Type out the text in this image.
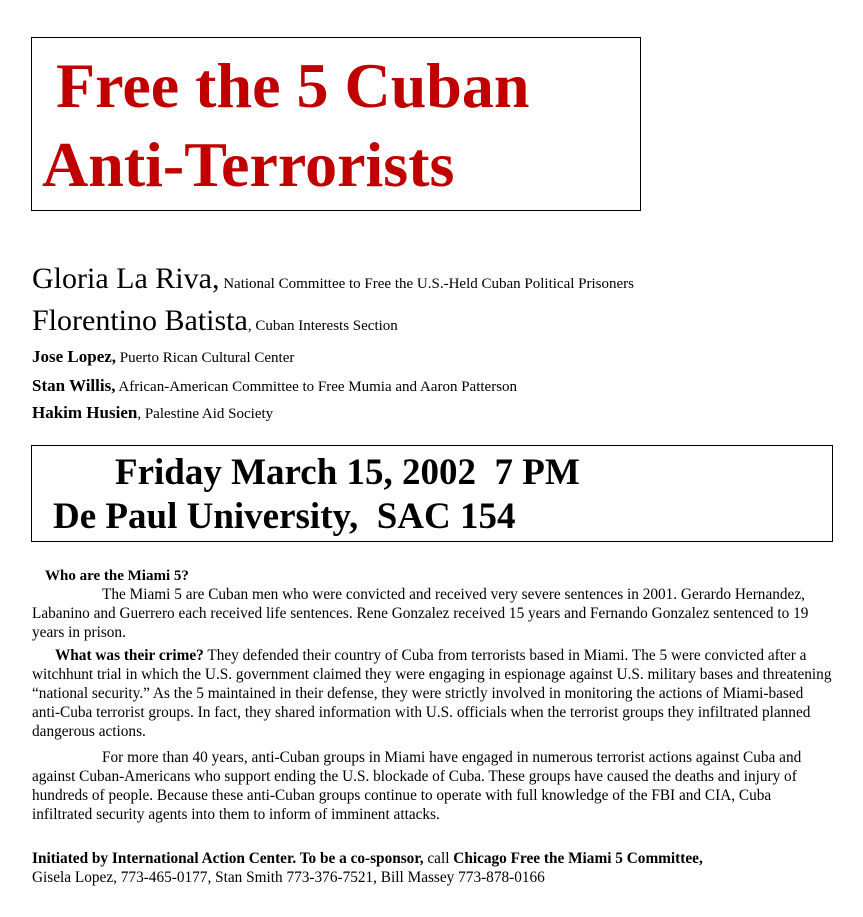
Free the 5 Cuban
Anti-Terrorists
Gloria La Riva, National Committee to Free the U.S.-Held Cuban Political Prisoners
Florentino Batista, Cuban Interests Section
Jose Lopez, Puerto Rican Cultural Center
Stan Willis, African-American Committee to Free Mumia and Aaron Patterson
Hakim Husien, Palestine Aid Society
Friday March 15, 2002  7 PM
De Paul University,  SAC 154
Who are the Miami 5?
The Miami 5 are Cuban men who were convicted and received very severe sentences in 2001. Gerardo Hernandez, Labanino and Guerrero each received life sentences. Rene Gonzalez received 15 years and Fernando Gonzalez sentenced to 19 years in prison.
What was their crime? They defended their country of Cuba from terrorists based in Miami. The 5 were convicted after a witchhunt trial in which the U.S. government claimed they were engaging in espionage against U.S. military bases and threatening “national security.” As the 5 maintained in their defense, they were strictly involved in monitoring the actions of Miami-based anti-Cuba terrorist groups. In fact, they shared information with U.S. officials when the terrorist groups they infiltrated planned dangerous actions.
For more than 40 years, anti-Cuban groups in Miami have engaged in numerous terrorist actions against Cuba and against Cuban-Americans who support ending the U.S. blockade of Cuba. These groups have caused the deaths and injury of hundreds of people. Because these anti-Cuban groups continue to operate with full knowledge of the FBI and CIA, Cuba infiltrated security agents into them to inform of imminent attacks.
Initiated by International Action Center. To be a co-sponsor, call Chicago Free the Miami 5 Committee,
Gisela Lopez, 773-465-0177, Stan Smith 773-376-7521, Bill Massey 773-878-0166
